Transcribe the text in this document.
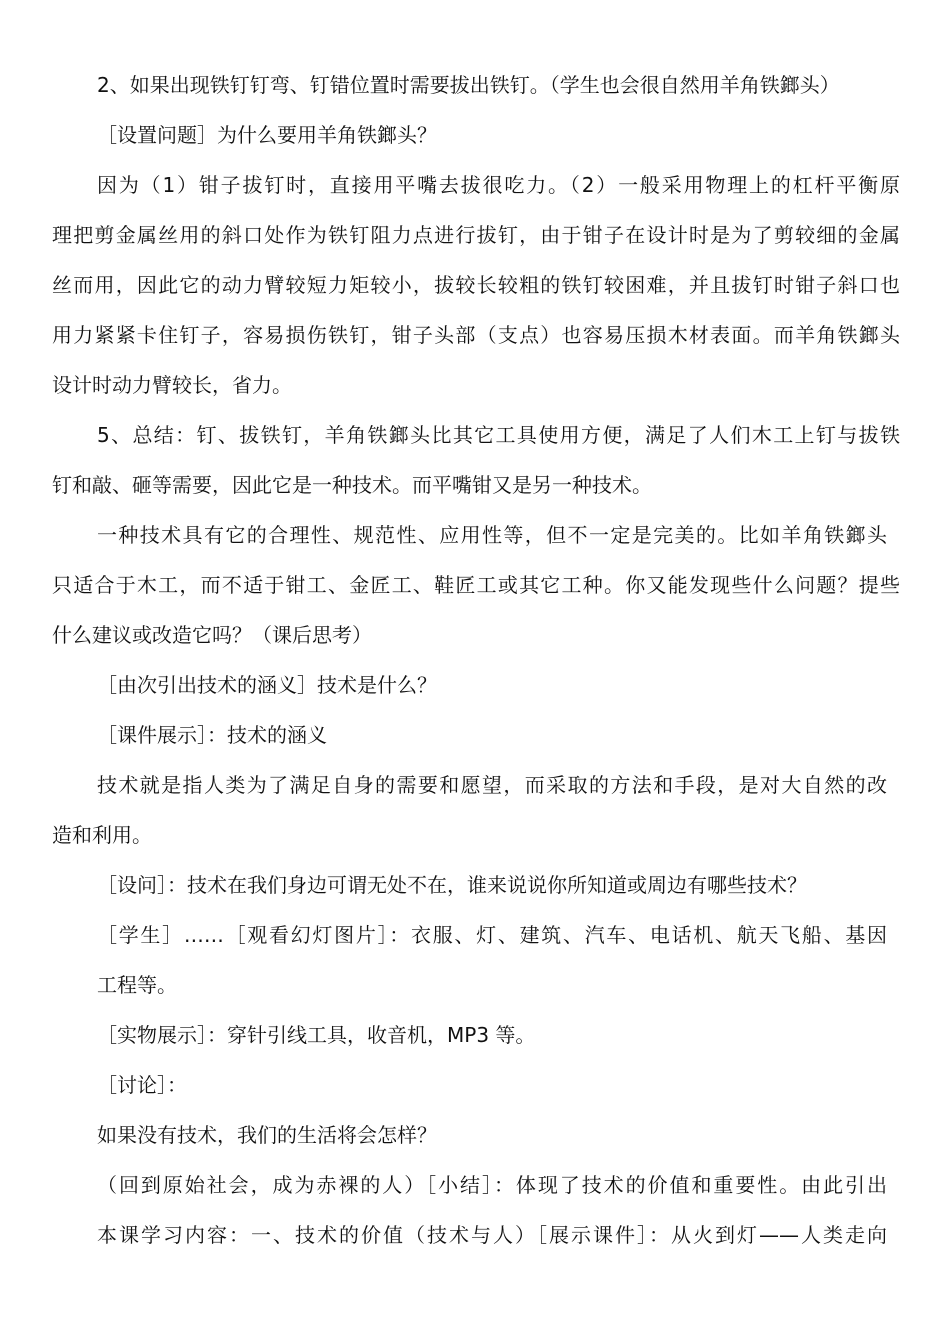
2、如果出现铁钉钉弯、钉错位置时需要拔出铁钉。（学生也会很自然用羊角铁鎯头）
［设置问题］为什么要用羊角铁鎯头？
因为（1）钳子拔钉时，直接用平嘴去拔很吃力。（2）一般采用物理上的杠杆平衡原
理把剪金属丝用的斜口处作为铁钉阻力点进行拔钉，由于钳子在设计时是为了剪较细的金属
丝而用，因此它的动力臂较短力矩较小，拔较长较粗的铁钉较困难，并且拔钉时钳子斜口也
用力紧紧卡住钉子，容易损伤铁钉，钳子头部（支点）也容易压损木材表面。而羊角铁鎯头
设计时动力臂较长，省力。
5、总结：钉、拔铁钉，羊角铁鎯头比其它工具使用方便，满足了人们木工上钉与拔铁
钉和敲、砸等需要，因此它是一种技术。而平嘴钳又是另一种技术。
一种技术具有它的合理性、规范性、应用性等，但不一定是完美的。比如羊角铁鎯头
只适合于木工，而不适于钳工、金匠工、鞋匠工或其它工种。你又能发现些什么问题？提些
什么建议或改造它吗？（课后思考）
［由次引出技术的涵义］技术是什么？
［课件展示］：技术的涵义
技术就是指人类为了满足自身的需要和愿望，而采取的方法和手段，是对大自然的改
造和利用。
［设问］：技术在我们身边可谓无处不在，谁来说说你所知道或周边有哪些技术？
［学生］……［观看幻灯图片］：衣服、灯、建筑、汽车、电话机、航天飞船、基因
工程等。
［实物展示］：穿针引线工具，收音机，MP3 等。
［讨论］：
如果没有技术，我们的生活将会怎样？
（回到原始社会，成为赤裸的人）［小结］：体现了技术的价值和重要性。由此引出
本课学习内容：一、技术的价值（技术与人）［展示课件］：从火到灯——人类走向
